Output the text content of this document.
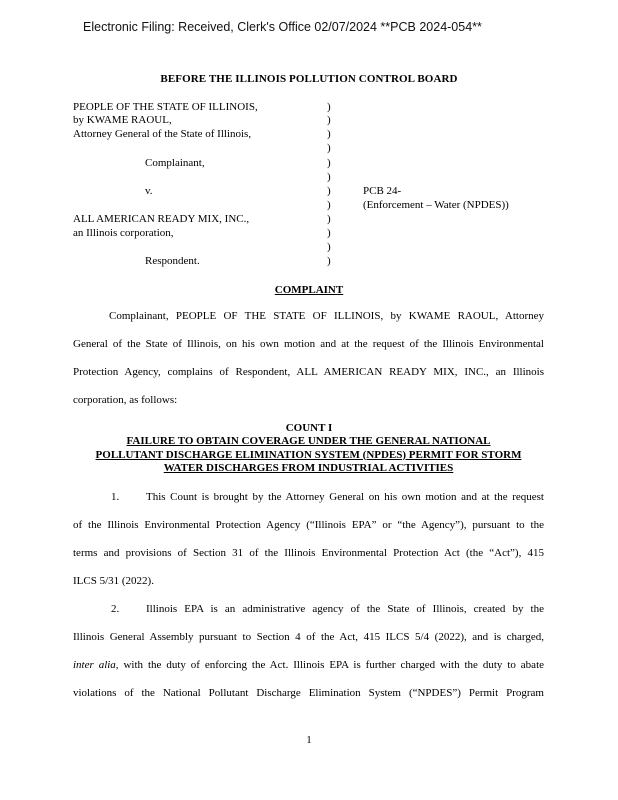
Electronic Filing: Received, Clerk's Office 02/07/2024 **PCB 2024-054**
BEFORE THE ILLINOIS POLLUTION CONTROL BOARD
PEOPLE OF THE STATE OF ILLINOIS,
by KWAME RAOUL,
Attorney General of the State of Illinois,
Complainant,
v.
ALL AMERICAN READY MIX, INC.,
an Illinois corporation,
Respondent.
)
)
)
)
)
)
)
)
)
)
)
)
PCB 24-
(Enforcement – Water (NPDES))
COMPLAINT
Complainant, PEOPLE OF THE STATE OF ILLINOIS, by KWAME RAOUL, Attorney
General of the State of Illinois, on his own motion and at the request of the Illinois Environmental
Protection Agency, complains of Respondent, ALL AMERICAN READY MIX, INC., an Illinois
corporation, as follows:
COUNT I
FAILURE TO OBTAIN COVERAGE UNDER THE GENERAL NATIONAL
POLLUTANT DISCHARGE ELIMINATION SYSTEM (NPDES) PERMIT FOR STORM
WATER DISCHARGES FROM INDUSTRIAL ACTIVITIES
1. This Count is brought by the Attorney General on his own motion and at the request
of the Illinois Environmental Protection Agency (“Illinois EPA” or “the Agency”), pursuant to the
terms and provisions of Section 31 of the Illinois Environmental Protection Act (the “Act”), 415
ILCS 5/31 (2022).
2. Illinois EPA is an administrative agency of the State of Illinois, created by the
Illinois General Assembly pursuant to Section 4 of the Act, 415 ILCS 5/4 (2022), and is charged,
inter alia, with the duty of enforcing the Act. Illinois EPA is further charged with the duty to abate
violations of the National Pollutant Discharge Elimination System (“NPDES”) Permit Program
1
